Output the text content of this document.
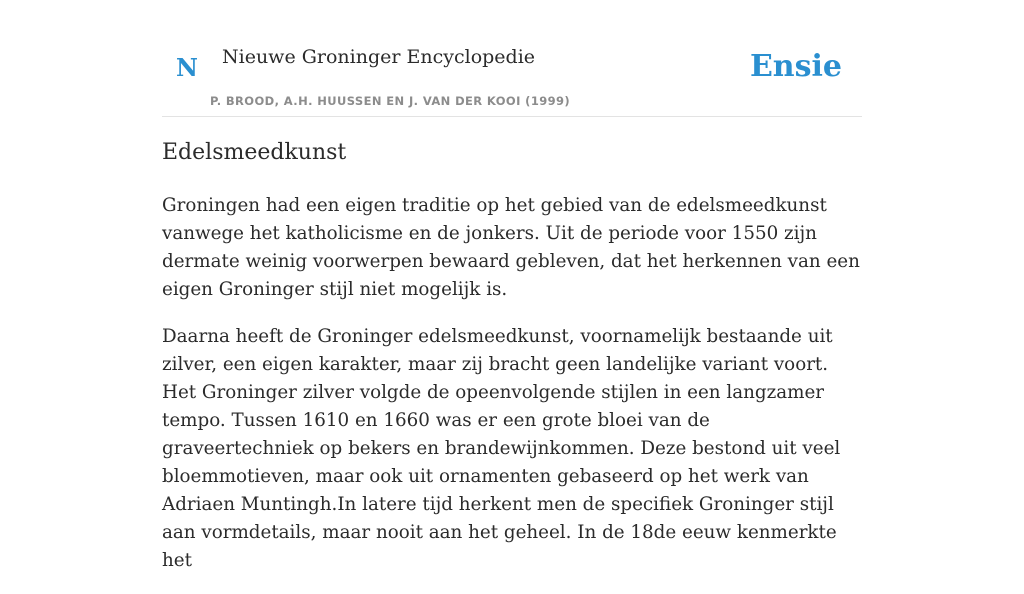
N Nieuwe Groninger Encyclopedie
P. BROOD, A.H. HUUSSEN EN J. VAN DER KOOI (1999)
Ensie
Edelsmeedkunst

Groningen had een eigen traditie op het gebied van de edelsmeedkunst vanwege het katholicisme en de jonkers. Uit de periode voor 1550 zijn dermate weinig voorwerpen bewaard gebleven, dat het herkennen van een eigen Groninger stijl niet mogelijk is.

Daarna heeft de Groninger edelsmeedkunst, voornamelijk bestaande uit zilver, een eigen karakter, maar zij bracht geen landelijke variant voort. Het Groninger zilver volgde de opeenvolgende stijlen in een langzamer tempo. Tussen 1610 en 1660 was er een grote bloei van de graveertechniek op bekers en brandewijnkommen. Deze bestond uit veel bloemmotieven, maar ook uit ornamenten gebaseerd op het werk van Adriaen Muntingh.In latere tijd herkent men de specifiek Groninger stijl aan vormdetails, maar nooit aan het geheel. In de 18de eeuw kenmerkte het
